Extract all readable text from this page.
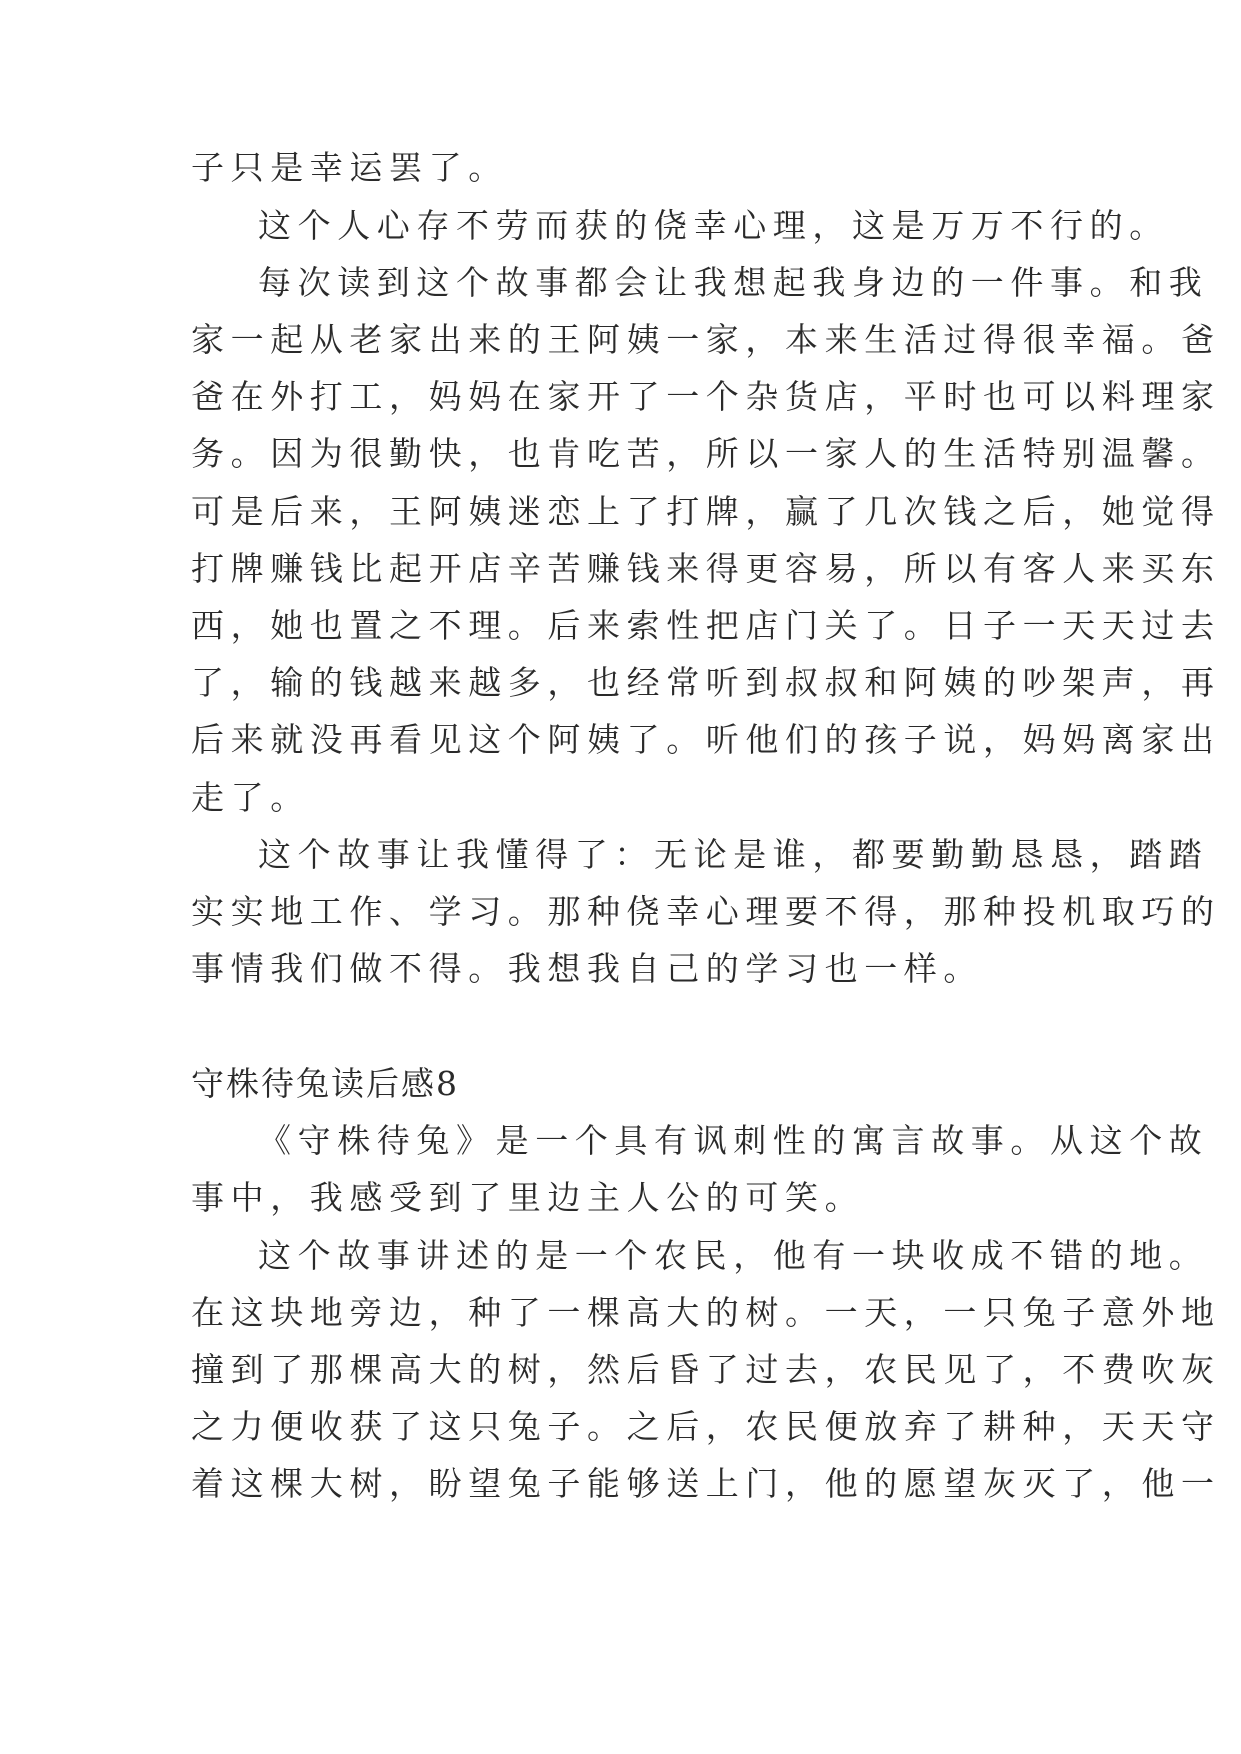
子只是幸运罢了。
这个人心存不劳而获的侥幸心理，这是万万不行的。
每次读到这个故事都会让我想起我身边的一件事。和我
家一起从老家出来的王阿姨一家，本来生活过得很幸福。爸
爸在外打工，妈妈在家开了一个杂货店，平时也可以料理家
务。因为很勤快，也肯吃苦，所以一家人的生活特别温馨。
可是后来，王阿姨迷恋上了打牌，赢了几次钱之后，她觉得
打牌赚钱比起开店辛苦赚钱来得更容易，所以有客人来买东
西，她也置之不理。后来索性把店门关了。日子一天天过去
了，输的钱越来越多，也经常听到叔叔和阿姨的吵架声，再
后来就没再看见这个阿姨了。听他们的孩子说，妈妈离家出
走了。
这个故事让我懂得了：无论是谁，都要勤勤恳恳，踏踏
实实地工作、学习。那种侥幸心理要不得，那种投机取巧的
事情我们做不得。我想我自己的学习也一样。
守株待兔读后感8
《守株待兔》是一个具有讽刺性的寓言故事。从这个故
事中，我感受到了里边主人公的可笑。
这个故事讲述的是一个农民，他有一块收成不错的地。
在这块地旁边，种了一棵高大的树。一天，一只兔子意外地
撞到了那棵高大的树，然后昏了过去，农民见了，不费吹灰
之力便收获了这只兔子。之后，农民便放弃了耕种，天天守
着这棵大树，盼望兔子能够送上门，他的愿望灰灭了，他一
